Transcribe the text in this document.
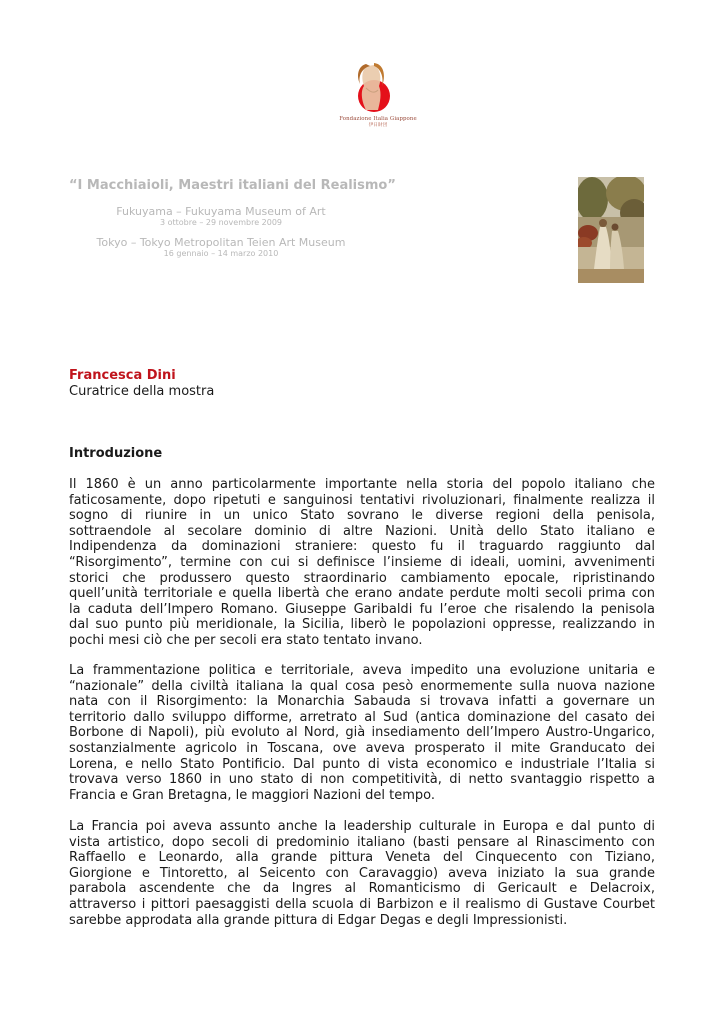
Fondazione Italia Giappone
伊日財団
“I Macchiaioli, Maestri italiani del Realismo”
Fukuyama – Fukuyama Museum of Art
3 ottobre – 29 novembre 2009
Tokyo – Tokyo Metropolitan Teien Art Museum
16 gennaio – 14 marzo 2010
Francesca Dini
Curatrice della mostra
Introduzione
Il 1860 è un anno particolarmente importante nella storia del popolo italiano che
faticosamente, dopo ripetuti e sanguinosi tentativi rivoluzionari, finalmente realizza il
sogno di riunire in un unico Stato sovrano le diverse regioni della penisola,
sottraendole al secolare dominio di altre Nazioni. Unità dello Stato italiano e
Indipendenza da dominazioni straniere: questo fu il traguardo raggiunto dal
“Risorgimento”, termine con cui si definisce l’insieme di ideali, uomini, avvenimenti
storici che produssero questo straordinario cambiamento epocale, ripristinando
quell’unità territoriale e quella libertà che erano andate perdute molti secoli prima con
la caduta dell’Impero Romano. Giuseppe Garibaldi fu l’eroe che risalendo la penisola
dal suo punto più meridionale, la Sicilia, liberò le popolazioni oppresse, realizzando in
pochi mesi ciò che per secoli era stato tentato invano.
La frammentazione politica e territoriale, aveva impedito una evoluzione unitaria e
“nazionale” della civiltà italiana la qual cosa pesò enormemente sulla nuova nazione
nata con il Risorgimento: la Monarchia Sabauda si trovava infatti a governare un
territorio dallo sviluppo difforme, arretrato al Sud (antica dominazione del casato dei
Borbone di Napoli), più evoluto al Nord, già insediamento dell’Impero Austro-Ungarico,
sostanzialmente agricolo in Toscana, ove aveva prosperato il mite Granducato dei
Lorena, e nello Stato Pontificio. Dal punto di vista economico e industriale l’Italia si
trovava verso 1860 in uno stato di non competitività, di netto svantaggio rispetto a
Francia e Gran Bretagna, le maggiori Nazioni del tempo.
La Francia poi aveva assunto anche la leadership culturale in Europa e dal punto di
vista artistico, dopo secoli di predominio italiano (basti pensare al Rinascimento con
Raffaello e Leonardo, alla grande pittura Veneta del Cinquecento con Tiziano,
Giorgione e Tintoretto, al Seicento con Caravaggio) aveva iniziato la sua grande
parabola ascendente che da Ingres al Romanticismo di Gericault e Delacroix,
attraverso i pittori paesaggisti della scuola di Barbizon e il realismo di Gustave Courbet
sarebbe approdata alla grande pittura di Edgar Degas e degli Impressionisti.
